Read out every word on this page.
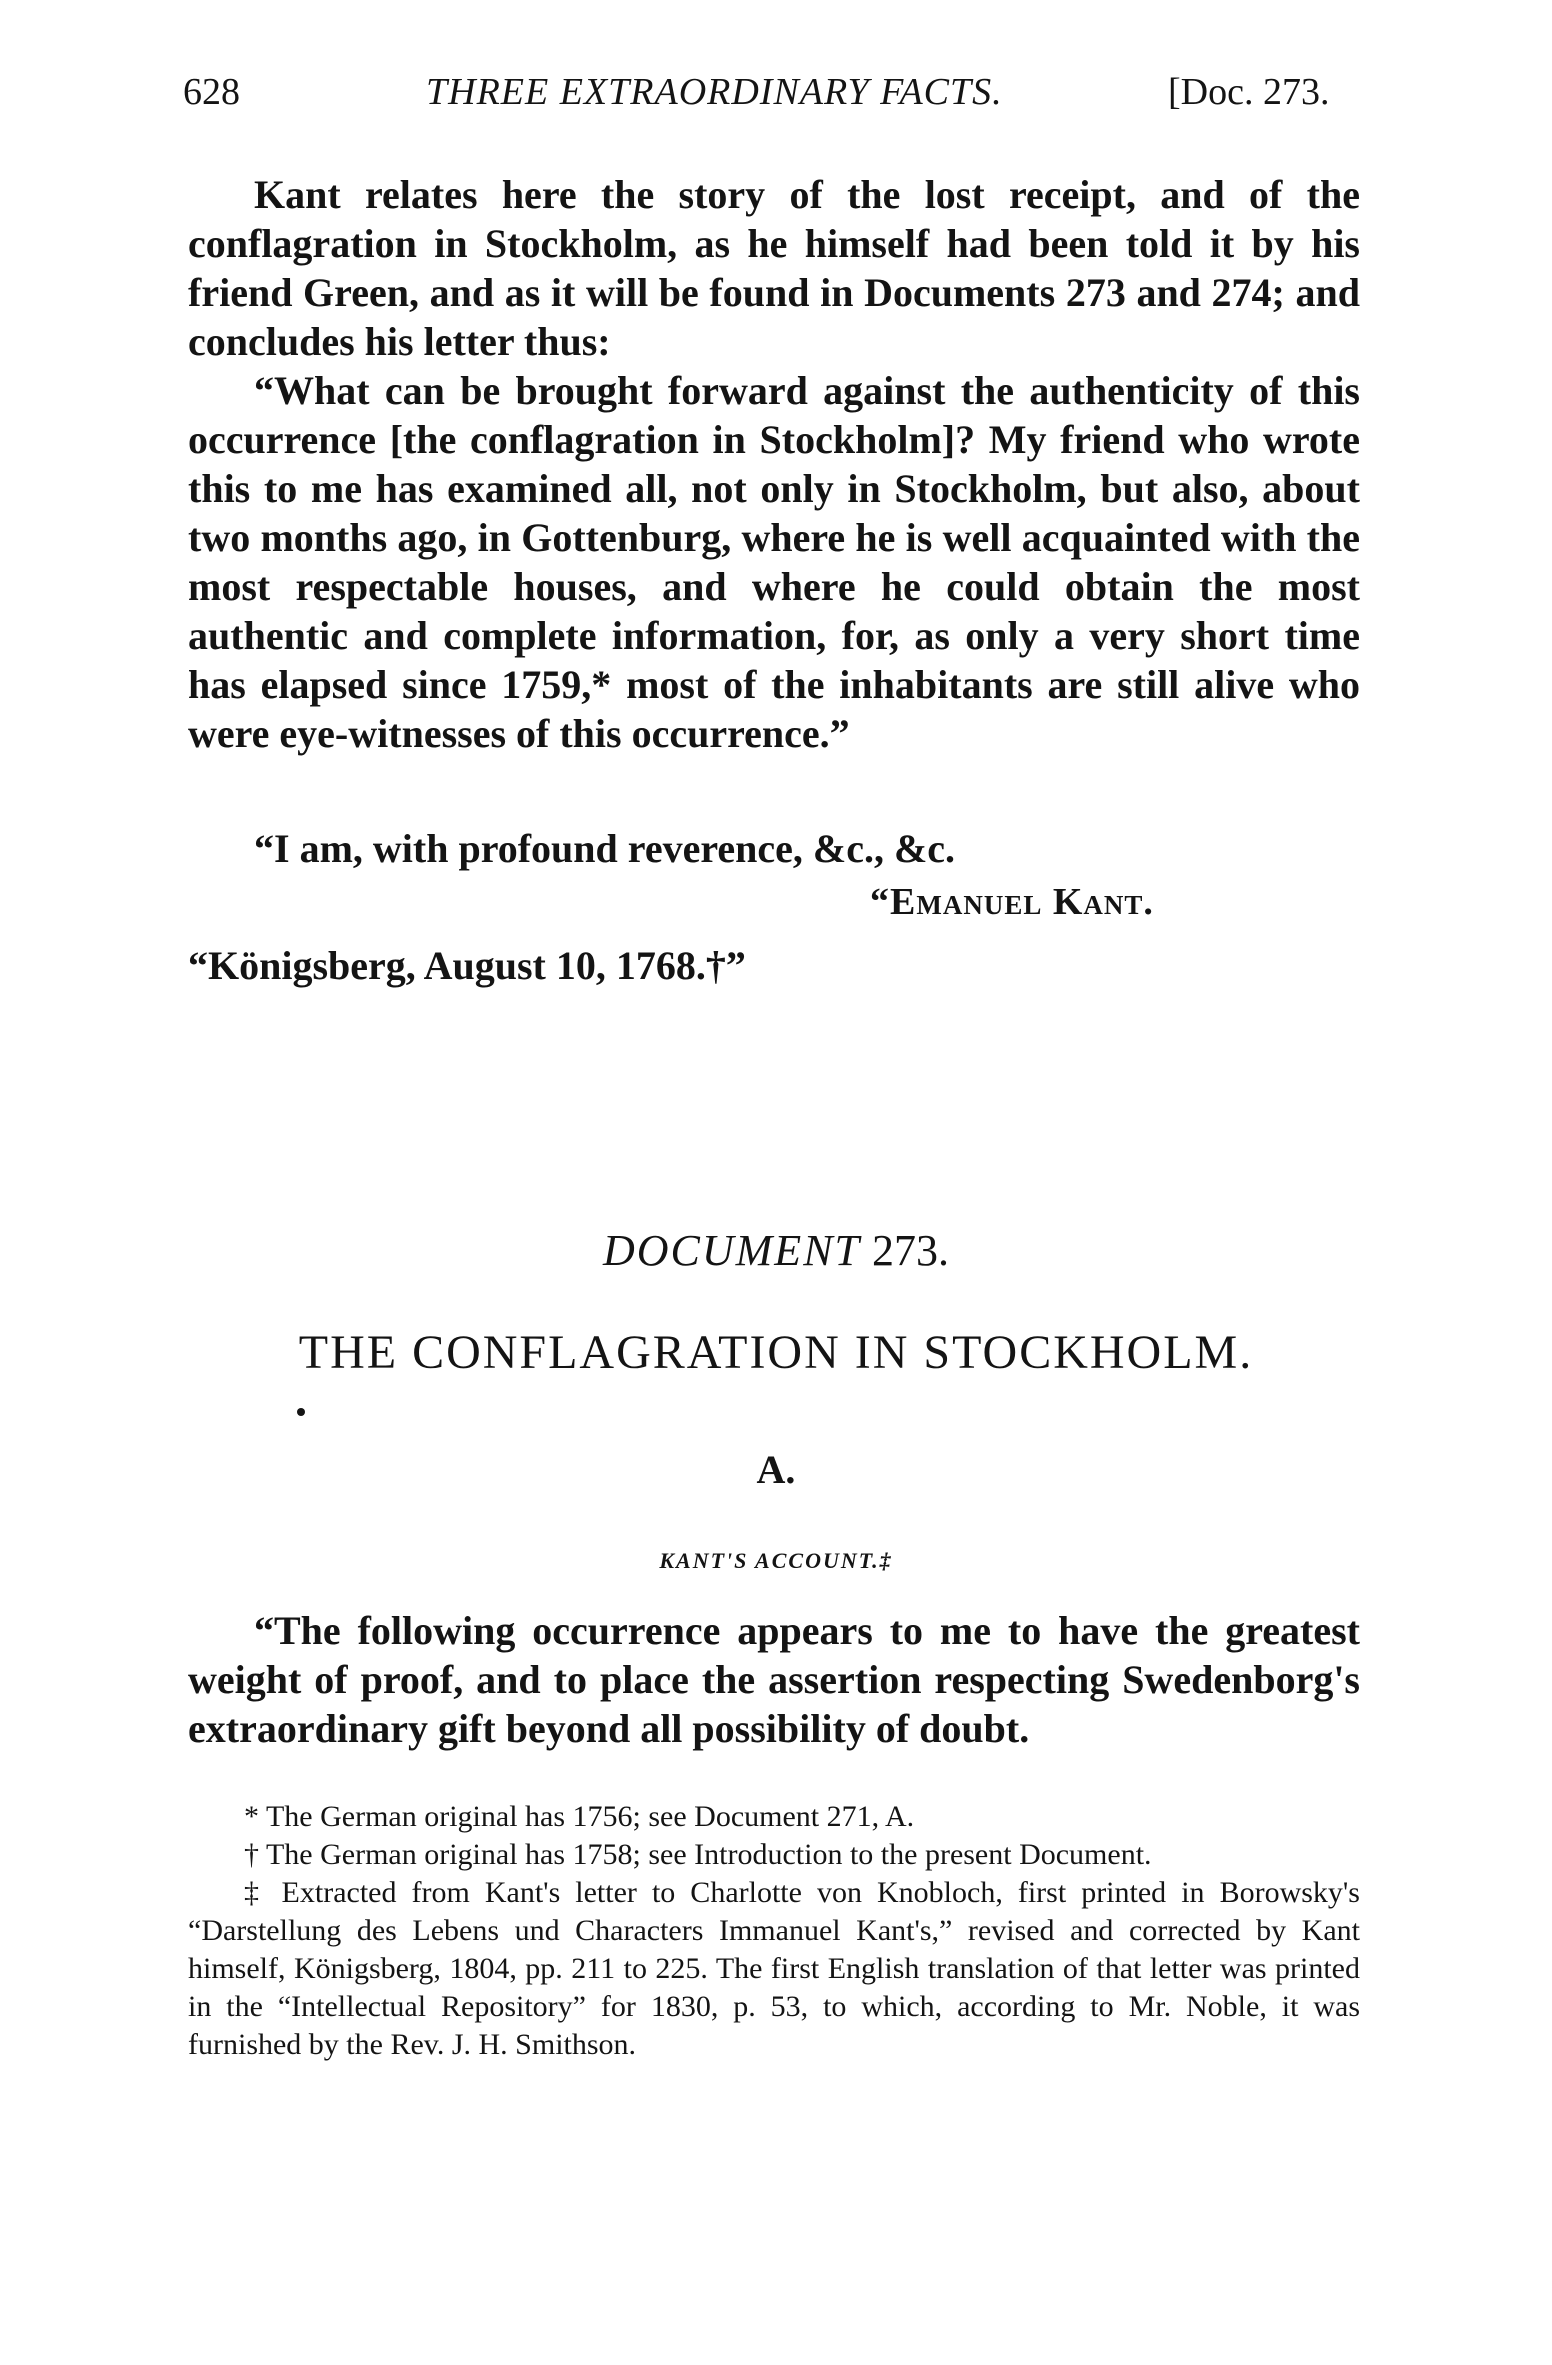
628	THREE EXTRAORDINARY FACTS.	[Doc. 273.

Kant relates here the story of the lost receipt, and of the conflagration in Stockholm, as he himself had been told it by his friend Green, and as it will be found in Documents 273 and 274; and concludes his letter thus:

“What can be brought forward against the authenticity of this occurrence [the conflagration in Stockholm]? My friend who wrote this to me has examined all, not only in Stockholm, but also, about two months ago, in Gottenburg, where he is well acquainted with the most respectable houses, and where he could obtain the most authentic and complete information, for, as only a very short time has elapsed since 1759,* most of the inhabitants are still alive who were eye-witnesses of this occurrence.”

“I am, with profound reverence, &c., &c.

“Emanuel Kant.
“Königsberg, August 10, 1768.†”
DOCUMENT 273.
THE CONFLAGRATION IN STOCKHOLM.
A.
KANT'S ACCOUNT.‡

“The following occurrence appears to me to have the greatest weight of proof, and to place the assertion respecting Swedenborg's extraordinary gift beyond all possibility of doubt.

* The German original has 1756; see Document 271, A.

† The German original has 1758; see Introduction to the present Document.

‡ Extracted from Kant's letter to Charlotte von Knobloch, first printed in Borowsky's “Darstellung des Lebens und Characters Immanuel Kant's,” revised and corrected by Kant himself, Königsberg, 1804, pp. 211 to 225. The first English translation of that letter was printed in the “Intellectual Repository” for 1830, p. 53, to which, according to Mr. Noble, it was furnished by the Rev. J. H. Smithson.
